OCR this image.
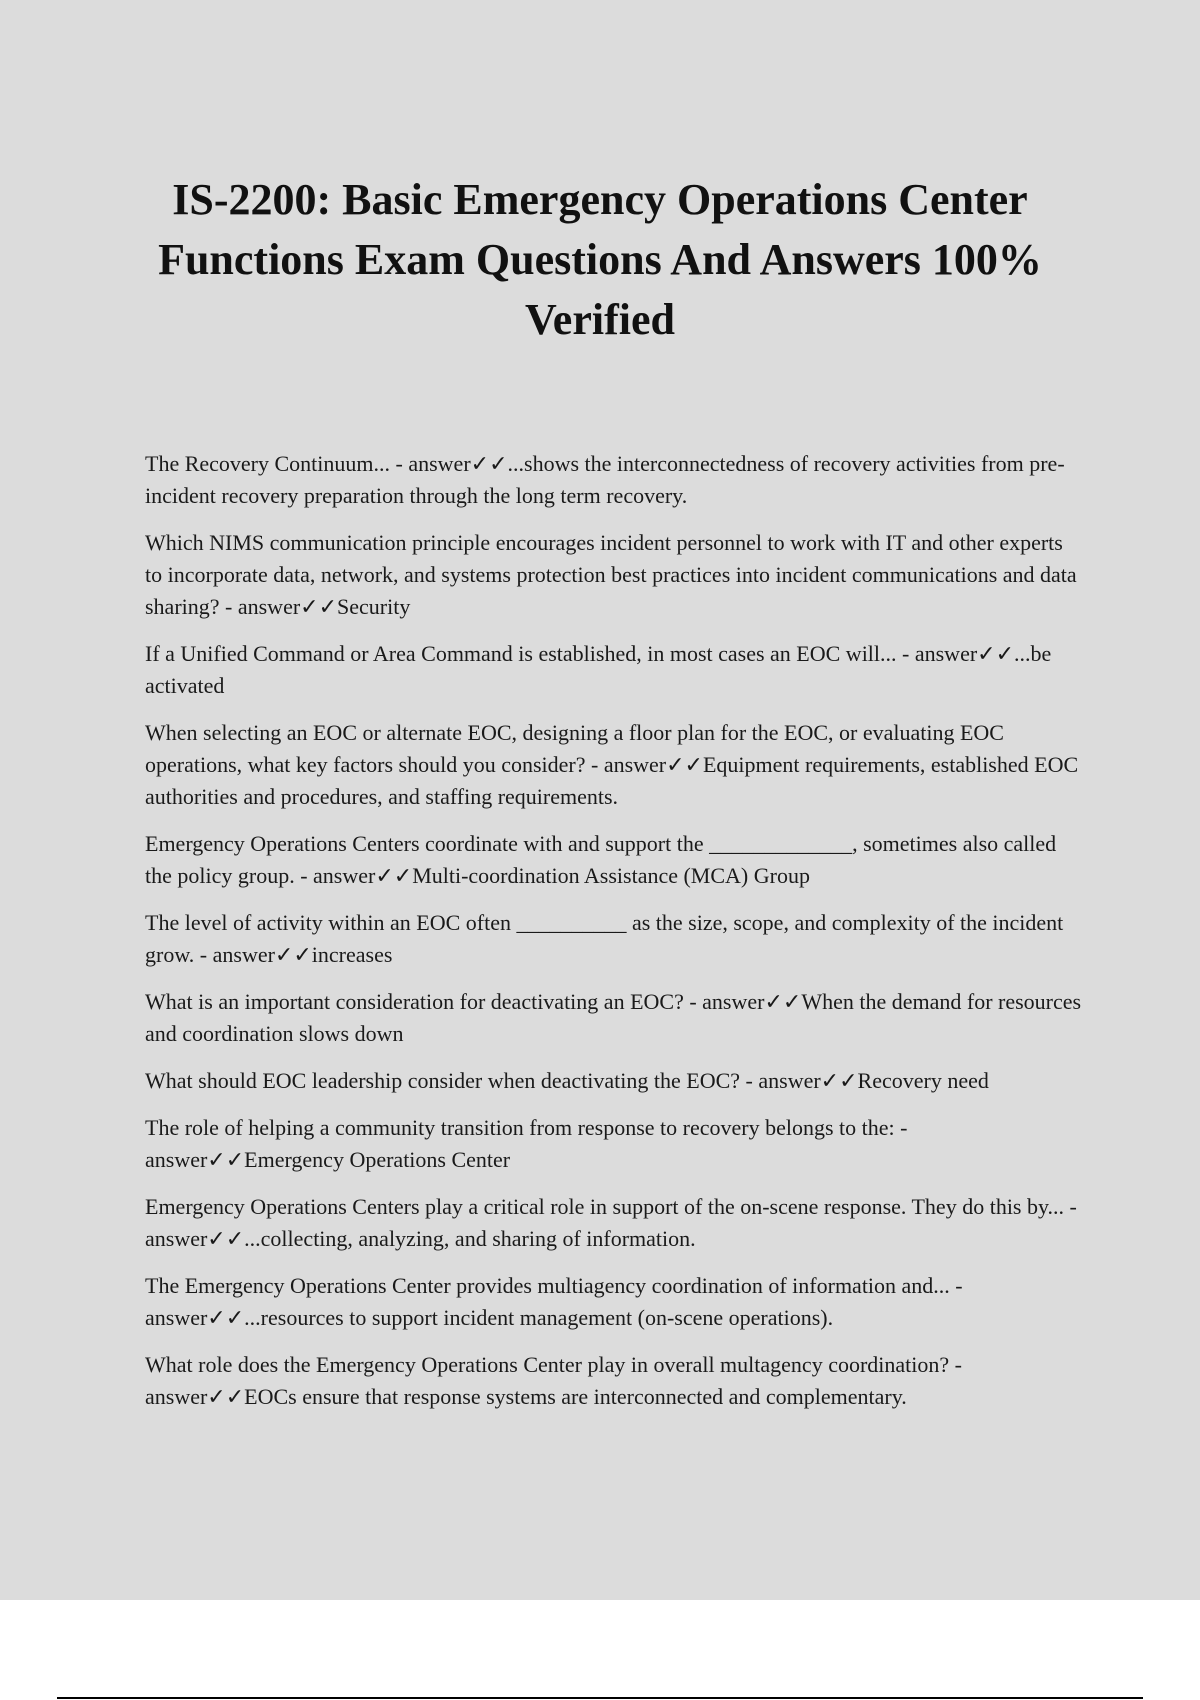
IS-2200: Basic Emergency Operations Center Functions Exam Questions And Answers 100% Verified
The Recovery Continuum... - answer✓✓...shows the interconnectedness of recovery activities from pre-incident recovery preparation through the long term recovery.
Which NIMS communication principle encourages incident personnel to work with IT and other experts to incorporate data, network, and systems protection best practices into incident communications and data sharing? - answer✓✓Security
If a Unified Command or Area Command is established, in most cases an EOC will... - answer✓✓...be activated
When selecting an EOC or alternate EOC, designing a floor plan for the EOC, or evaluating EOC operations, what key factors should you consider? - answer✓✓Equipment requirements, established EOC authorities and procedures, and staffing requirements.
Emergency Operations Centers coordinate with and support the _____________, sometimes also called the policy group. - answer✓✓Multi-coordination Assistance (MCA) Group
The level of activity within an EOC often __________ as the size, scope, and complexity of the incident grow. - answer✓✓increases
What is an important consideration for deactivating an EOC? - answer✓✓When the demand for resources and coordination slows down
What should EOC leadership consider when deactivating the EOC? - answer✓✓Recovery need
The role of helping a community transition from response to recovery belongs to the: - answer✓✓Emergency Operations Center
Emergency Operations Centers play a critical role in support of the on-scene response. They do this by... - answer✓✓...collecting, analyzing, and sharing of information.
The Emergency Operations Center provides multiagency coordination of information and... - answer✓✓...resources to support incident management (on-scene operations).
What role does the Emergency Operations Center play in overall multagency coordination? - answer✓✓EOCs ensure that response systems are interconnected and complementary.
